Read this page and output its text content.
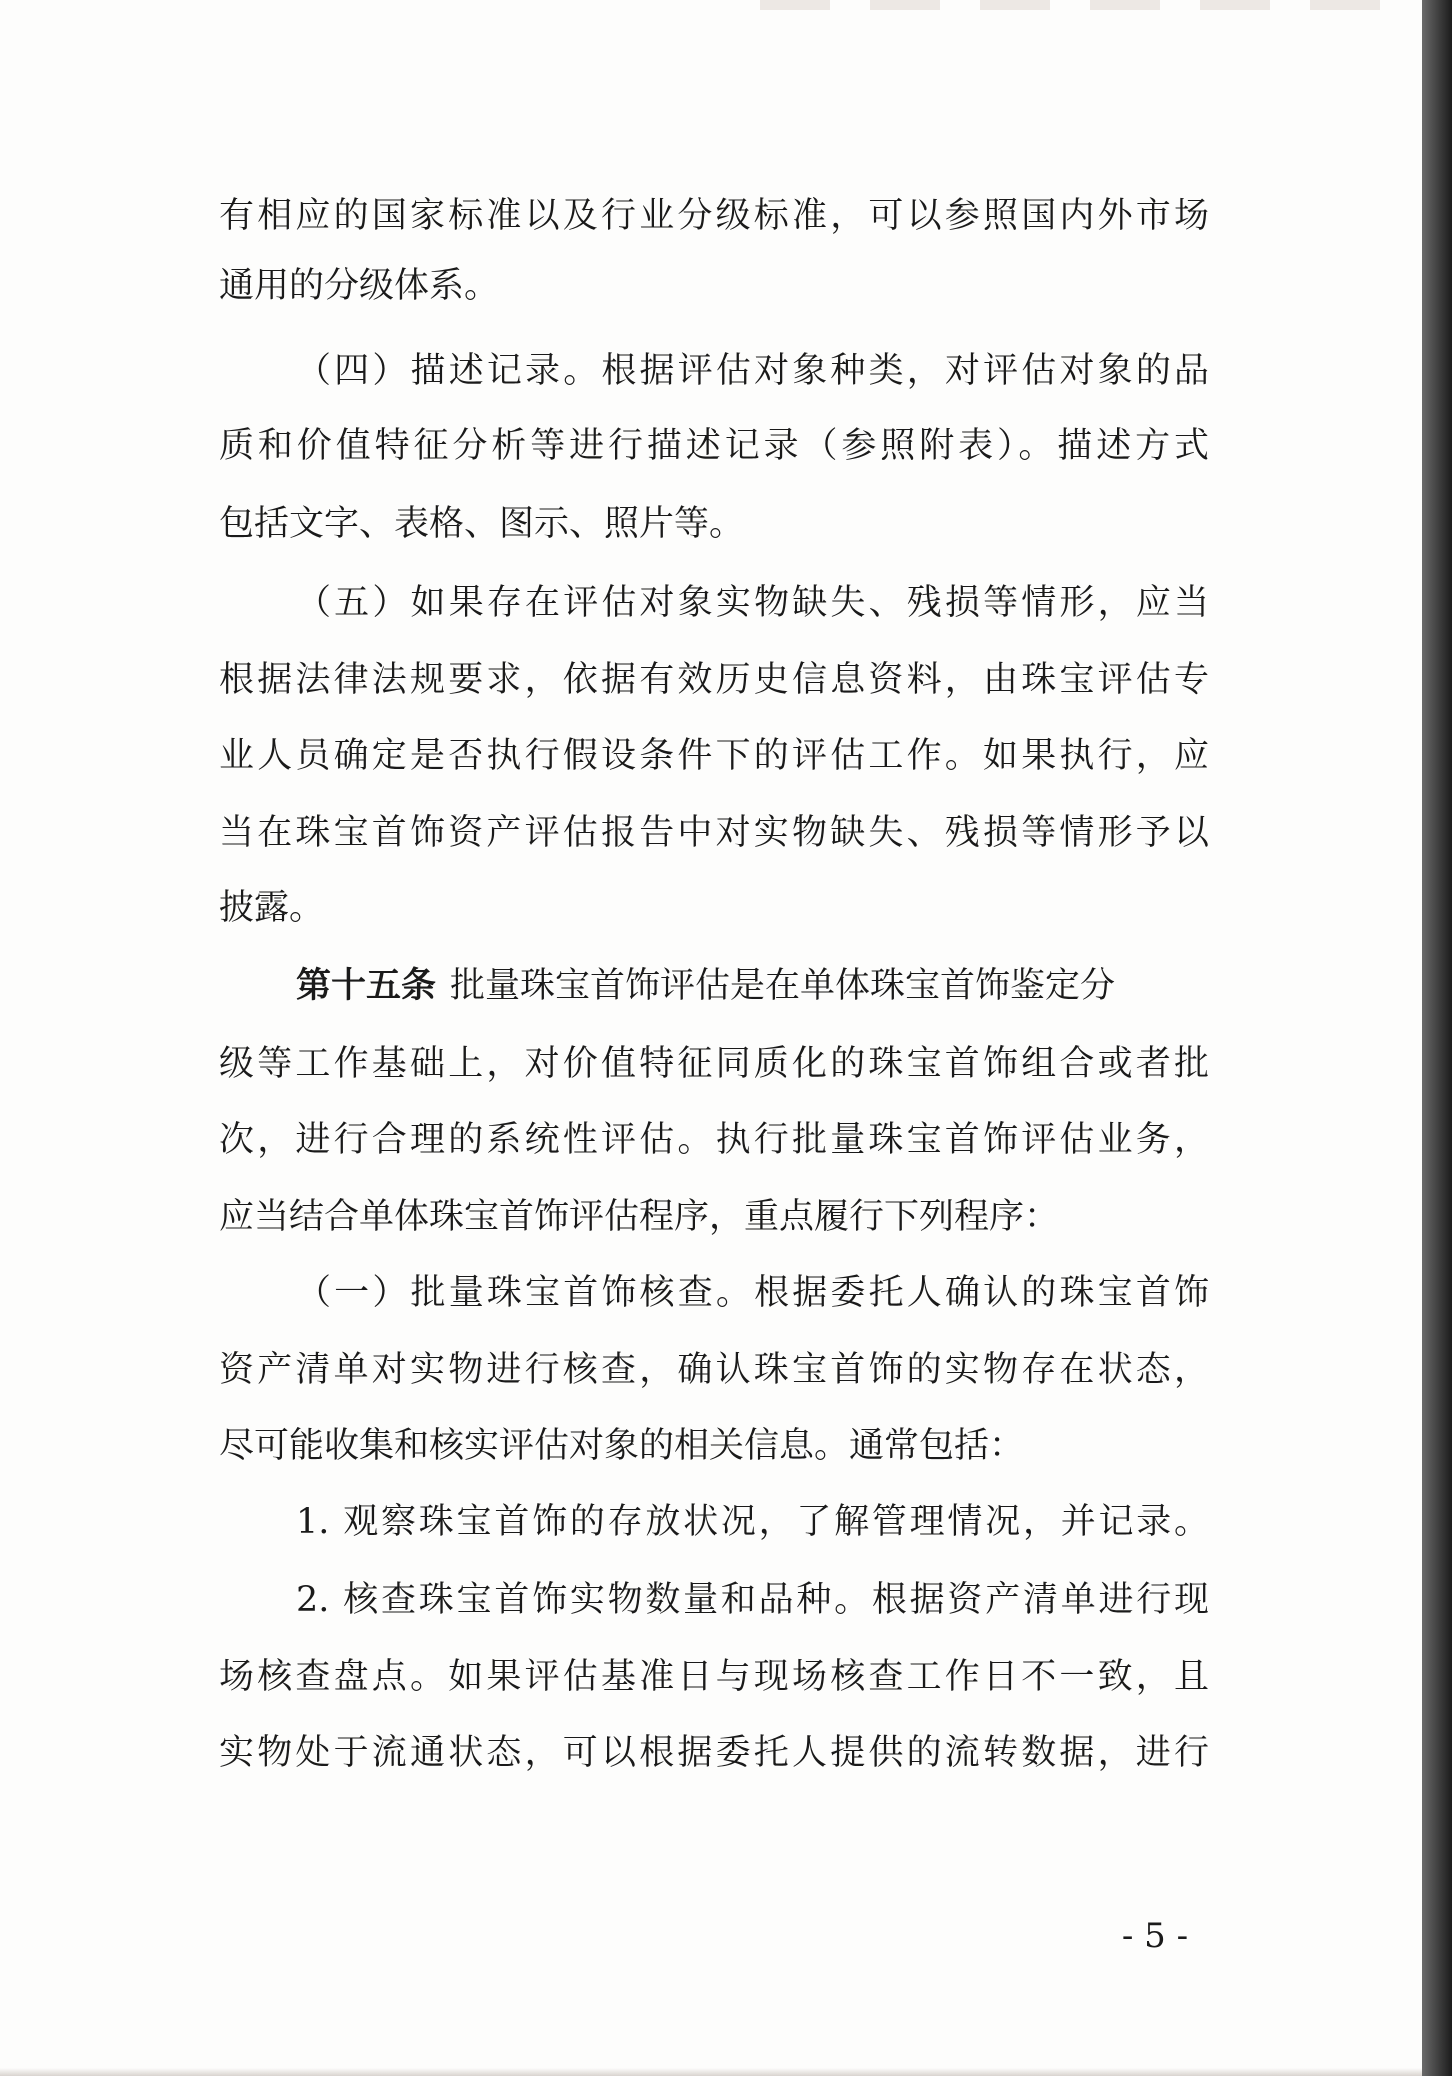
有相应的国家标准以及行业分级标准，可以参照国内外市场
通用的分级体系。
（四）描述记录。根据评估对象种类，对评估对象的品
质和价值特征分析等进行描述记录（参照附表）。描述方式
包括文字、表格、图示、照片等。
（五）如果存在评估对象实物缺失、残损等情形，应当
根据法律法规要求，依据有效历史信息资料，由珠宝评估专
业人员确定是否执行假设条件下的评估工作。如果执行，应
当在珠宝首饰资产评估报告中对实物缺失、残损等情形予以
披露。
第十五条 批量珠宝首饰评估是在单体珠宝首饰鉴定分
级等工作基础上，对价值特征同质化的珠宝首饰组合或者批
次，进行合理的系统性评估。执行批量珠宝首饰评估业务，
应当结合单体珠宝首饰评估程序，重点履行下列程序：
（一）批量珠宝首饰核查。根据委托人确认的珠宝首饰
资产清单对实物进行核查，确认珠宝首饰的实物存在状态，
尽可能收集和核实评估对象的相关信息。通常包括：
1. 观察珠宝首饰的存放状况，了解管理情况，并记录。
2. 核查珠宝首饰实物数量和品种。根据资产清单进行现
场核查盘点。如果评估基准日与现场核查工作日不一致，且
实物处于流通状态，可以根据委托人提供的流转数据，进行
- 5 -
